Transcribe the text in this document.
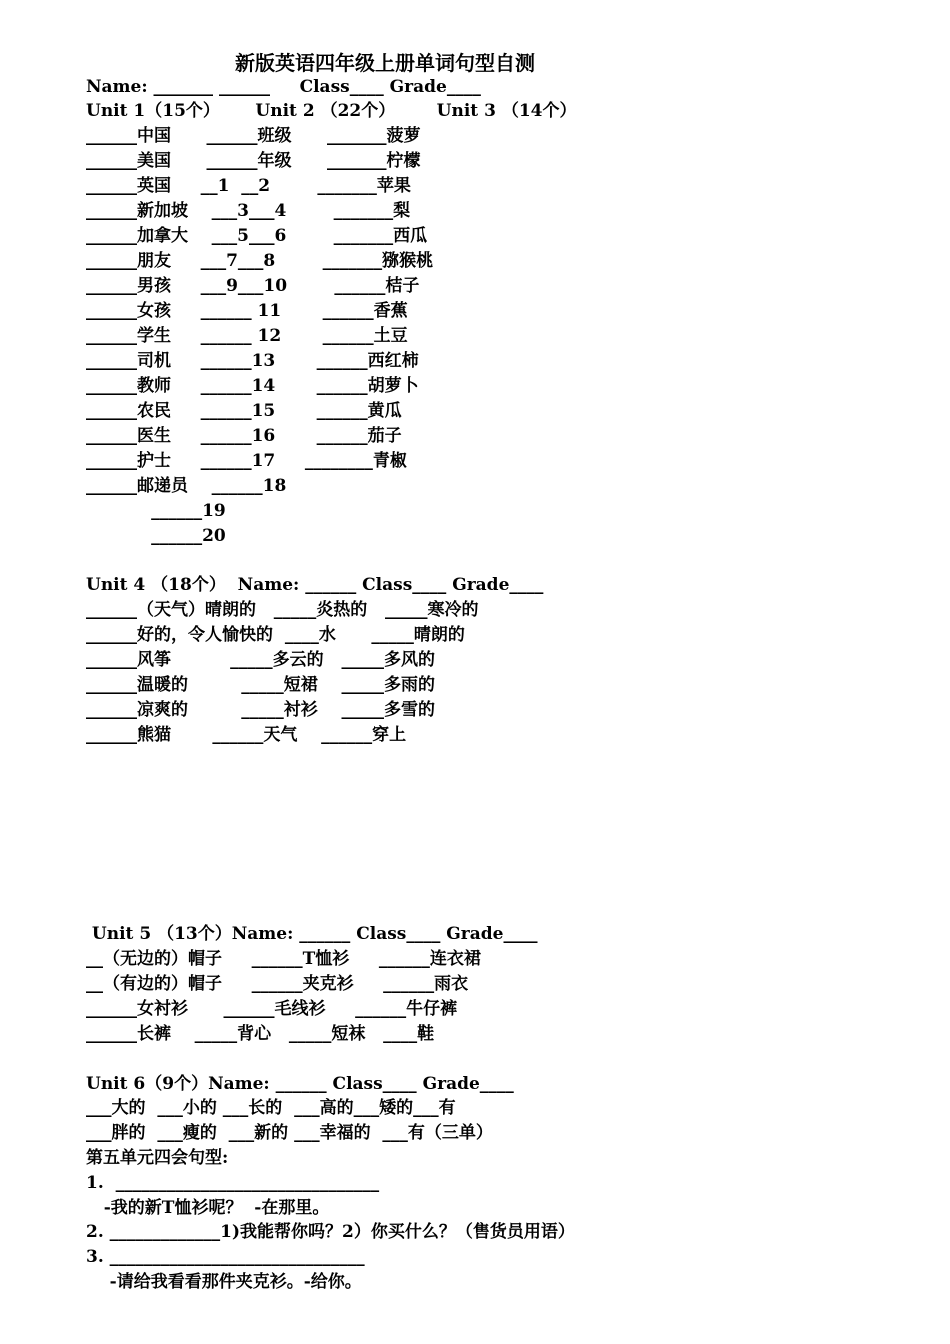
新版英语四年级上册单词句型自测
Name: _______ ______     Class____ Grade____
Unit 1（15个）      Unit 2 （22个）       Unit 3 （14个）
______中国      ______班级      _______菠萝
______美国      ______年级      _______柠檬
______英国     __1  __2        _______苹果
______新加坡    ___3___4        _______梨
______加拿大    ___5___6        _______西瓜
______朋友     ___7___8        _______猕猴桃
______男孩     ___9___10        ______桔子
______女孩     ______ 11       ______香蕉
______学生     ______ 12       ______土豆
______司机     ______13       ______西红柿
______教师     ______14       ______胡萝卜
______农民     ______15       ______黄瓜
______医生     ______16       ______茄子
______护士     ______17     ________青椒
______邮递员    ______18
______19
______20
Unit 4 （18个）  Name: ______ Class____ Grade____
______（天气）晴朗的   _____炎热的   _____寒冷的
______好的，令人愉快的  ____水      _____晴朗的
______风筝          _____多云的   _____多风的
______温暖的         _____短裙    _____多雨的
______凉爽的         _____衬衫    _____多雪的
______熊猫       ______天气    ______穿上
Unit 5 （13个）Name: ______ Class____ Grade____
__（无边的）帽子     ______T恤衫     ______连衣裙
__（有边的）帽子     ______夹克衫     ______雨衣
______女衬衫      ______毛线衫     ______牛仔裤
______长裤    _____背心   _____短袜   ____鞋
Unit 6（9个）Name: ______ Class____ Grade____
___大的  ___小的 ___长的  ___高的___矮的___有
___胖的  ___瘦的  ___新的 ___幸福的  ___有（三单）
第五单元四会句型:
1.  _______________________________
-我的新T恤衫呢？  -在那里。
2. _____________1)我能帮你吗？2）你买什么？（售货员用语）
3. ______________________________
-请给我看看那件夹克衫。-给你。
